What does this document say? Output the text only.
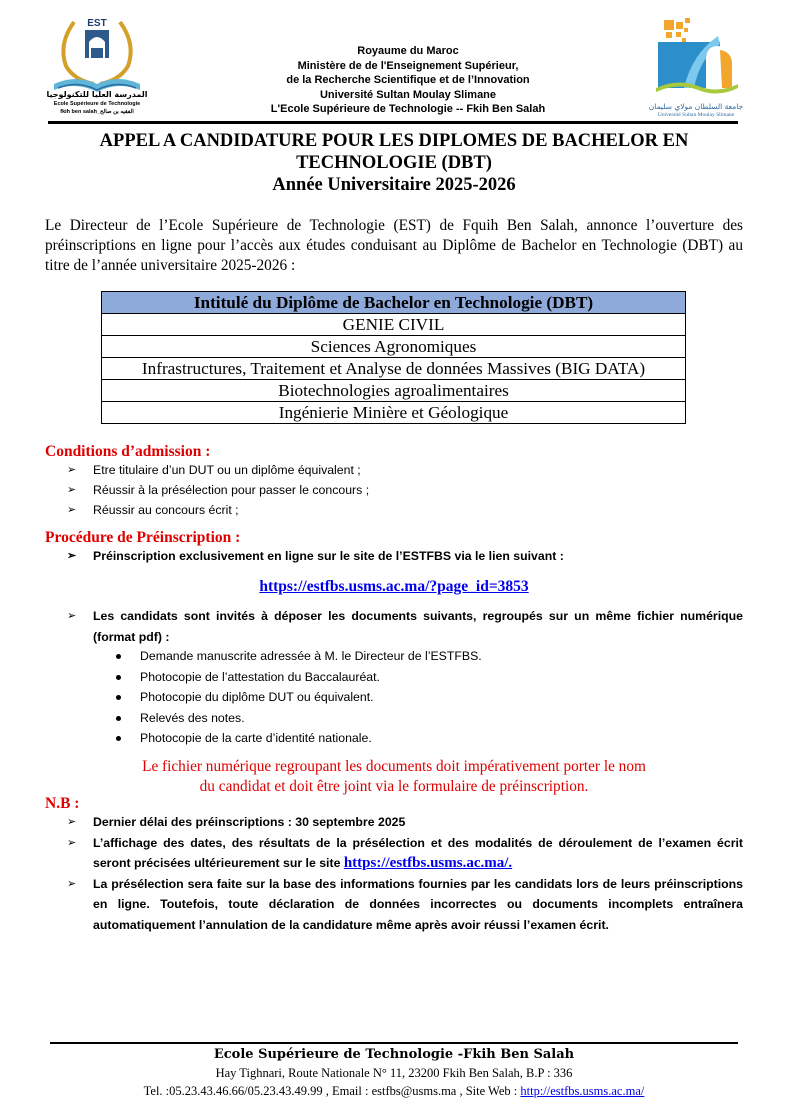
EST
المدرسة العليا للتكنولوجيا
Ecole Supérieure de Technologie
fkih ben salah_الفقيه بن صالح
Royaume du Maroc
Ministère de de l'Enseignement Supérieur,
de la Recherche Scientifique et de l’Innovation
Université Sultan Moulay Slimane
L'Ecole Supérieure de Technologie -- Fkih Ben Salah	جامعة السلطان مولاي سليمان
Université Sultan Moulay Slimane
APPEL A CANDIDATURE POUR LES DIPLOMES DE BACHELOR EN
TECHNOLOGIE (DBT)
Année Universitaire 2025-2026

Le Directeur de l’Ecole Supérieure de Technologie (EST) de Fquih Ben Salah, annonce l’ouverture des préinscriptions en ligne pour l’accès aux études conduisant au Diplôme de Bachelor en Technologie (DBT) au titre de l’année universitaire 2025-2026 :

Intitulé du Diplôme de Bachelor en Technologie (DBT)
GENIE CIVIL
Sciences Agronomiques
Infrastructures, Traitement et Analyse de données Massives (BIG DATA)
Biotechnologies agroalimentaires
Ingénierie Minière et Géologique
Conditions d’admission :
➢ Etre titulaire d’un DUT ou un diplôme équivalent ;
➢ Réussir à la présélection pour passer le concours ;
➢ Réussir au concours écrit ;
Procédure de Préinscription :
➢ Préinscription exclusivement en ligne sur le site de l’ESTFBS via le lien suivant :
https://estfbs.usms.ac.ma/?page_id=3853
➢	Les candidats sont invités à déposer les documents suivants, regroupés sur un même fichier numérique (format pdf) :
Demande manuscrite adressée à M. le Directeur de l’ESTFBS.
Photocopie de l’attestation du Baccalauréat.
Photocopie du diplôme DUT ou équivalent.
Relevés des notes.
Photocopie de la carte d’identité nationale.
Le fichier numérique regroupant les documents doit impérativement porter le nom
du candidat et doit être joint via le formulaire de préinscription.
N.B :
➢ Dernier délai des préinscriptions : 30 septembre 2025
➢ L’affichage des dates, des résultats de la présélection et des modalités de déroulement de l’examen écrit seront précisées ultérieurement sur le site https://estfbs.usms.ac.ma/.
➢ La présélection sera faite sur la base des informations fournies par les candidats lors de leurs préinscriptions en ligne. Toutefois, toute déclaration de données incorrectes ou documents incomplets entraînera automatiquement l’annulation de la candidature même après avoir réussi l’examen écrit.
Ecole Supérieure de Technologie -Fkih Ben Salah
Hay Tighnari, Route Nationale N° 11, 23200 Fkih Ben Salah, B.P : 336
Tel. :05.23.43.46.66/05.23.43.49.99 , Email : estfbs@usms.ma , Site Web : http://estfbs.usms.ac.ma/
